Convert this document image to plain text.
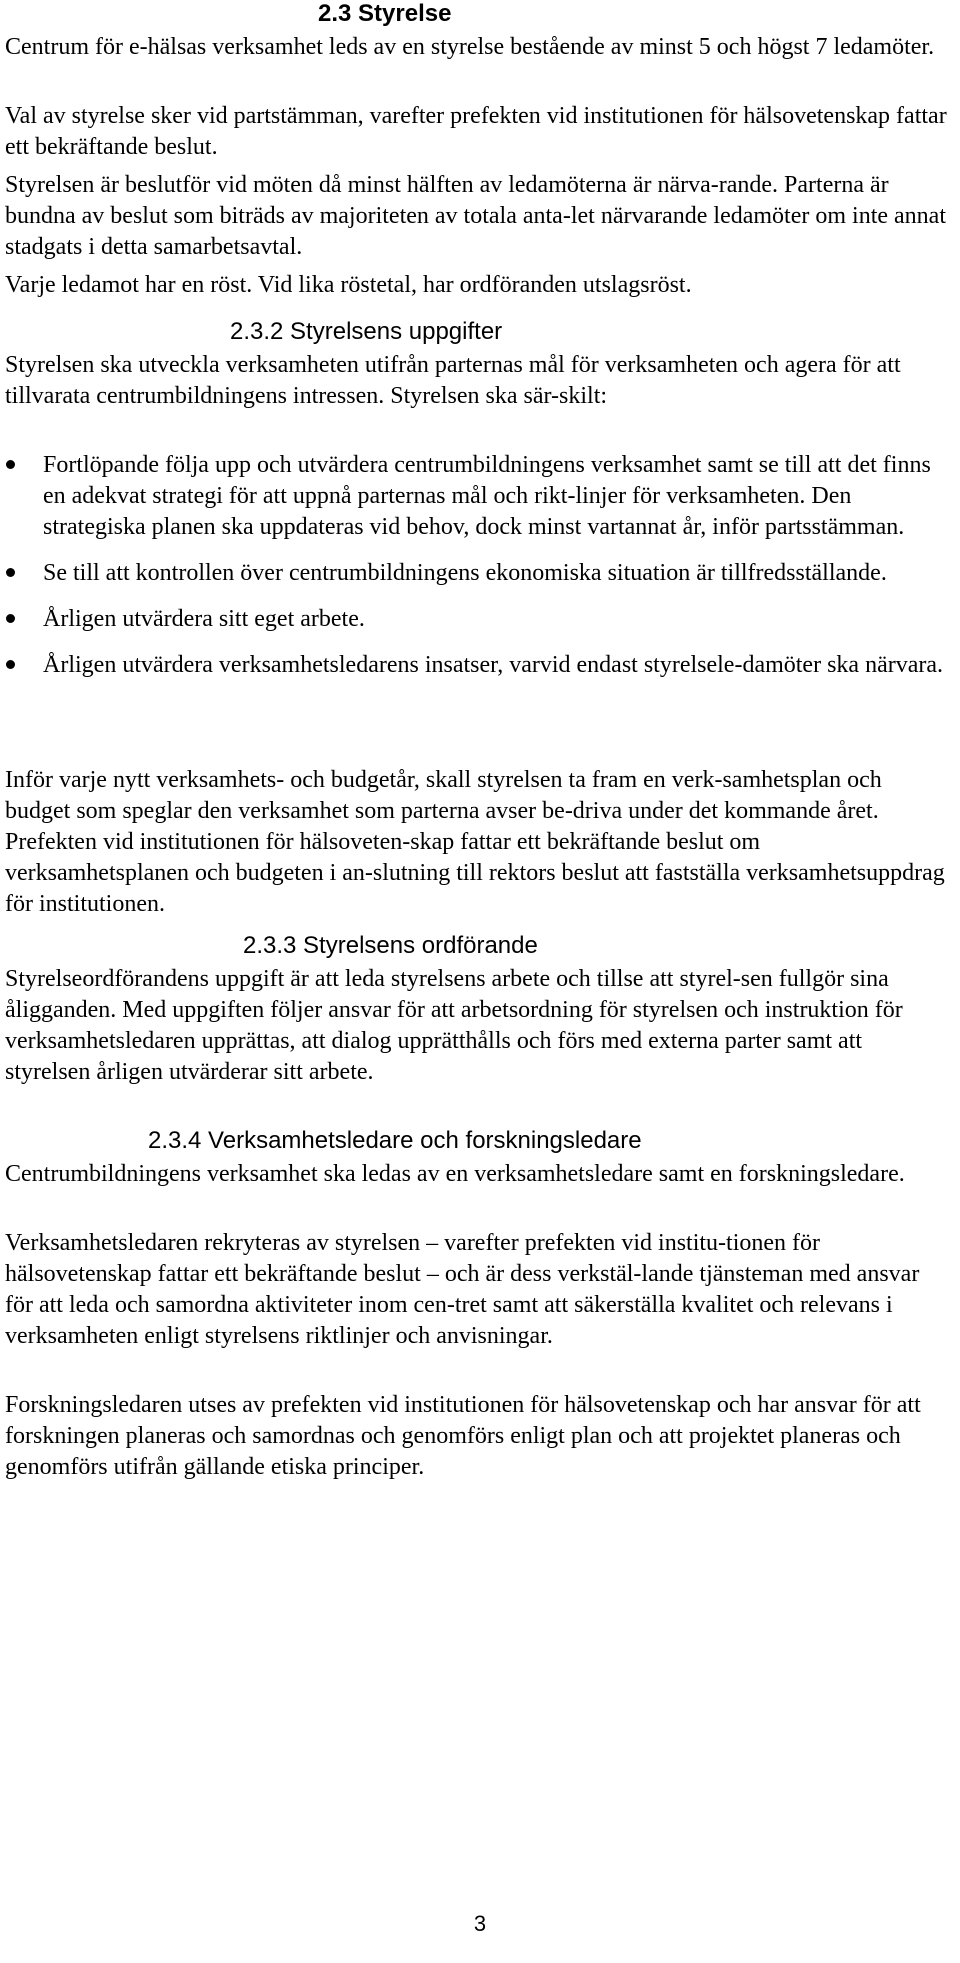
2.3 Styrelse

Centrum för e-hälsas verksamhet leds av en styrelse bestående av minst 5 och högst 7 ledamöter.

Val av styrelse sker vid partstämman, varefter prefekten vid institutionen för hälsovetenskap fattar ett bekräftande beslut.

Styrelsen är beslutför vid möten då minst hälften av ledamöterna är närva-rande. Parterna är bundna av beslut som biträds av majoriteten av totala anta-let närvarande ledamöter om inte annat stadgats i detta samarbetsavtal.

Varje ledamot har en röst. Vid lika röstetal, har ordföranden utslagsröst.

2.3.2 Styrelsens uppgifter

Styrelsen ska utveckla verksamheten utifrån parternas mål för verksamheten och agera för att tillvarata centrumbildningens intressen. Styrelsen ska sär-skilt:

Fortlöpande följa upp och utvärdera centrumbildningens verksamhet samt se till att det finns en adekvat strategi för att uppnå parternas mål och rikt-linjer för verksamheten. Den strategiska planen ska uppdateras vid behov, dock minst vartannat år, inför partsstämman.
Se till att kontrollen över centrumbildningens ekonomiska situation är tillfredsställande.
Årligen utvärdera sitt eget arbete.
Årligen utvärdera verksamhetsledarens insatser, varvid endast styrelsele-damöter ska närvara.

Inför varje nytt verksamhets- och budgetår, skall styrelsen ta fram en verk-samhetsplan och budget som speglar den verksamhet som parterna avser be-driva under det kommande året. Prefekten vid institutionen för hälsoveten-skap fattar ett bekräftande beslut om verksamhetsplanen och budgeten i an-slutning till rektors beslut att fastställa verksamhetsuppdrag för institutionen.

2.3.3 Styrelsens ordförande

Styrelseordförandens uppgift är att leda styrelsens arbete och tillse att styrel-sen fullgör sina åligganden. Med uppgiften följer ansvar för att arbetsordning för styrelsen och instruktion för verksamhetsledaren upprättas, att dialog upprätthålls och förs med externa parter samt att styrelsen årligen utvärderar sitt arbete.

2.3.4 Verksamhetsledare och forskningsledare

Centrumbildningens verksamhet ska ledas av en verksamhetsledare samt en forskningsledare.

Verksamhetsledaren rekryteras av styrelsen – varefter prefekten vid institu-tionen för hälsovetenskap fattar ett bekräftande beslut – och är dess verkstäl-lande tjänsteman med ansvar för att leda och samordna aktiviteter inom cen-tret samt att säkerställa kvalitet och relevans i verksamheten enligt styrelsens riktlinjer och anvisningar.

Forskningsledaren utses av prefekten vid institutionen för hälsovetenskap och har ansvar för att forskningen planeras och samordnas och genomförs enligt plan och att projektet planeras och genomförs utifrån gällande etiska principer.

3
